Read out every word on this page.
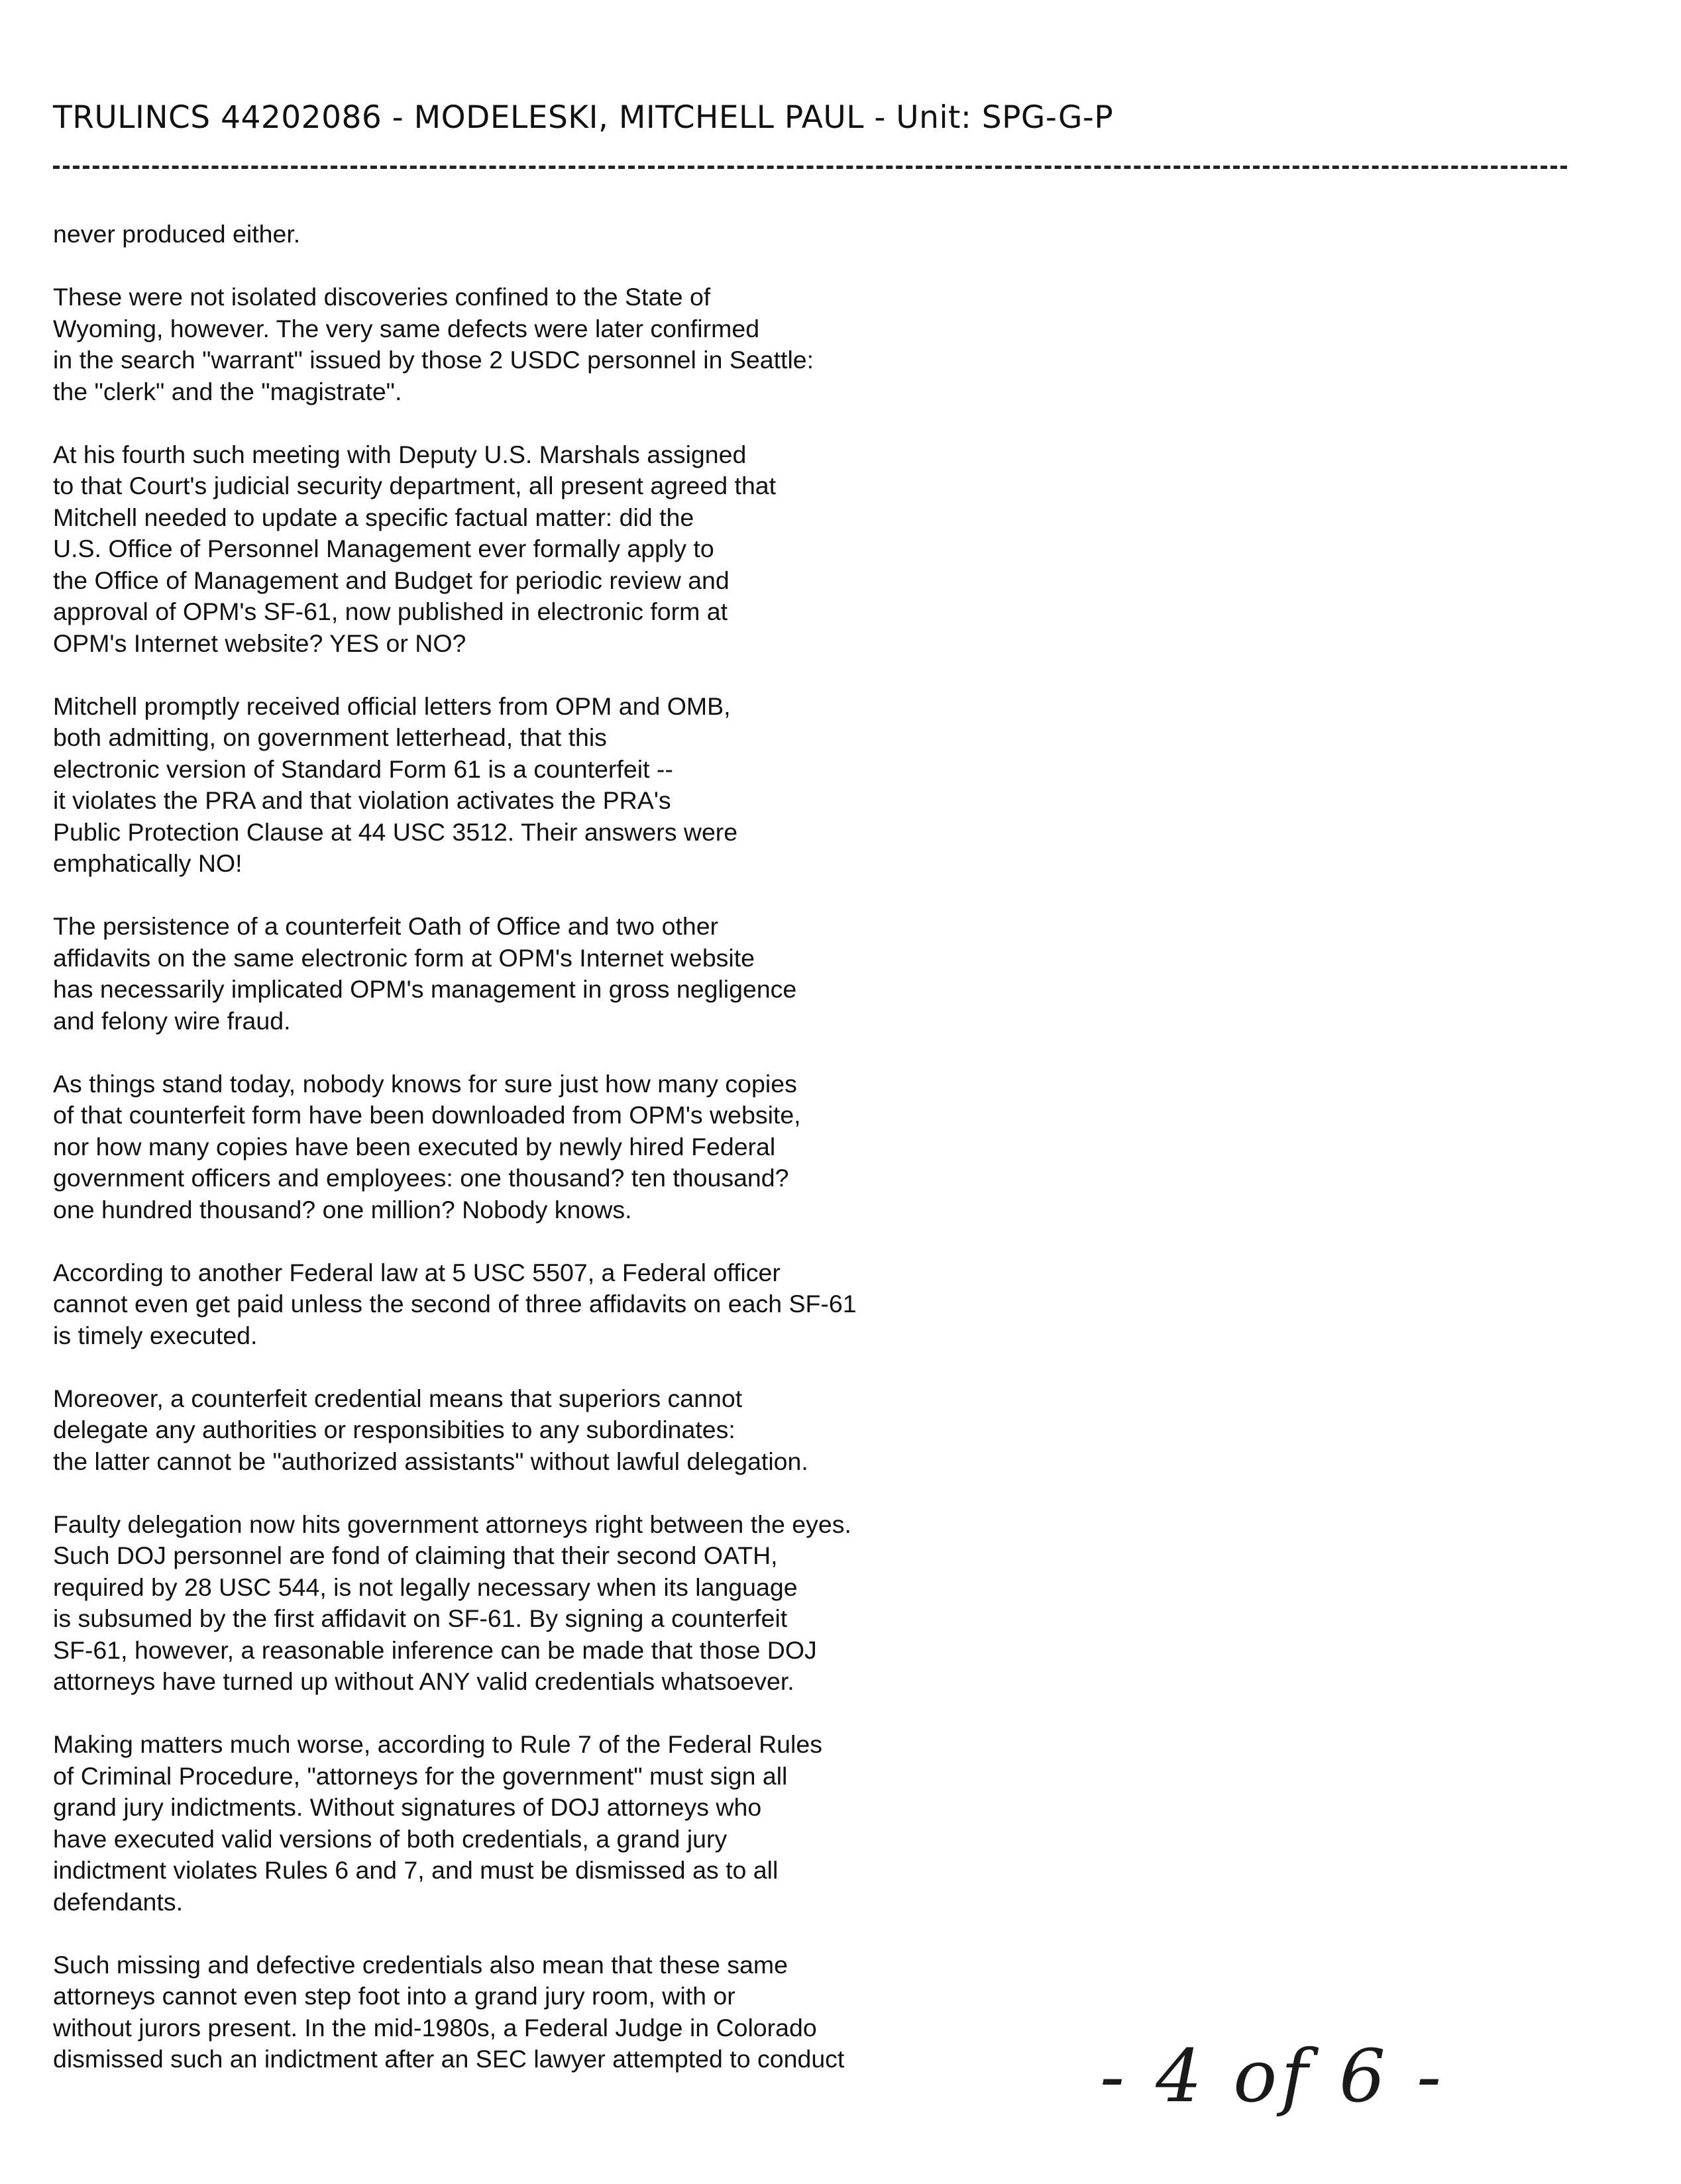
TRULINCS 44202086 - MODELESKI, MITCHELL PAUL - Unit: SPG-G-P
never produced either.
These were not isolated discoveries confined to the State of
Wyoming, however. The very same defects were later confirmed
in the search "warrant" issued by those 2 USDC personnel in Seattle:
the "clerk" and the "magistrate".
At his fourth such meeting with Deputy U.S. Marshals assigned
to that Court's judicial security department, all present agreed that
Mitchell needed to update a specific factual matter: did the
U.S. Office of Personnel Management ever formally apply to
the Office of Management and Budget for periodic review and
approval of OPM's SF-61, now published in electronic form at
OPM's Internet website? YES or NO?
Mitchell promptly received official letters from OPM and OMB,
both admitting, on government letterhead, that this
electronic version of Standard Form 61 is a counterfeit --
it violates the PRA and that violation activates the PRA's
Public Protection Clause at 44 USC 3512. Their answers were
emphatically NO!
The persistence of a counterfeit Oath of Office and two other
affidavits on the same electronic form at OPM's Internet website
has necessarily implicated OPM's management in gross negligence
and felony wire fraud.
As things stand today, nobody knows for sure just how many copies
of that counterfeit form have been downloaded from OPM's website,
nor how many copies have been executed by newly hired Federal
government officers and employees: one thousand? ten thousand?
one hundred thousand? one million? Nobody knows.
According to another Federal law at 5 USC 5507, a Federal officer
cannot even get paid unless the second of three affidavits on each SF-61
is timely executed.
Moreover, a counterfeit credential means that superiors cannot
delegate any authorities or responsibities to any subordinates:
the latter cannot be "authorized assistants" without lawful delegation.
Faulty delegation now hits government attorneys right between the eyes.
Such DOJ personnel are fond of claiming that their second OATH,
required by 28 USC 544, is not legally necessary when its language
is subsumed by the first affidavit on SF-61. By signing a counterfeit
SF-61, however, a reasonable inference can be made that those DOJ
attorneys have turned up without ANY valid credentials whatsoever.
Making matters much worse, according to Rule 7 of the Federal Rules
of Criminal Procedure, "attorneys for the government" must sign all
grand jury indictments. Without signatures of DOJ attorneys who
have executed valid versions of both credentials, a grand jury
indictment violates Rules 6 and 7, and must be dismissed as to all
defendants.
Such missing and defective credentials also mean that these same
attorneys cannot even step foot into a grand jury room, with or
without jurors present. In the mid-1980s, a Federal Judge in Colorado
dismissed such an indictment after an SEC lawyer attempted to conduct	- 4 of 6 -
